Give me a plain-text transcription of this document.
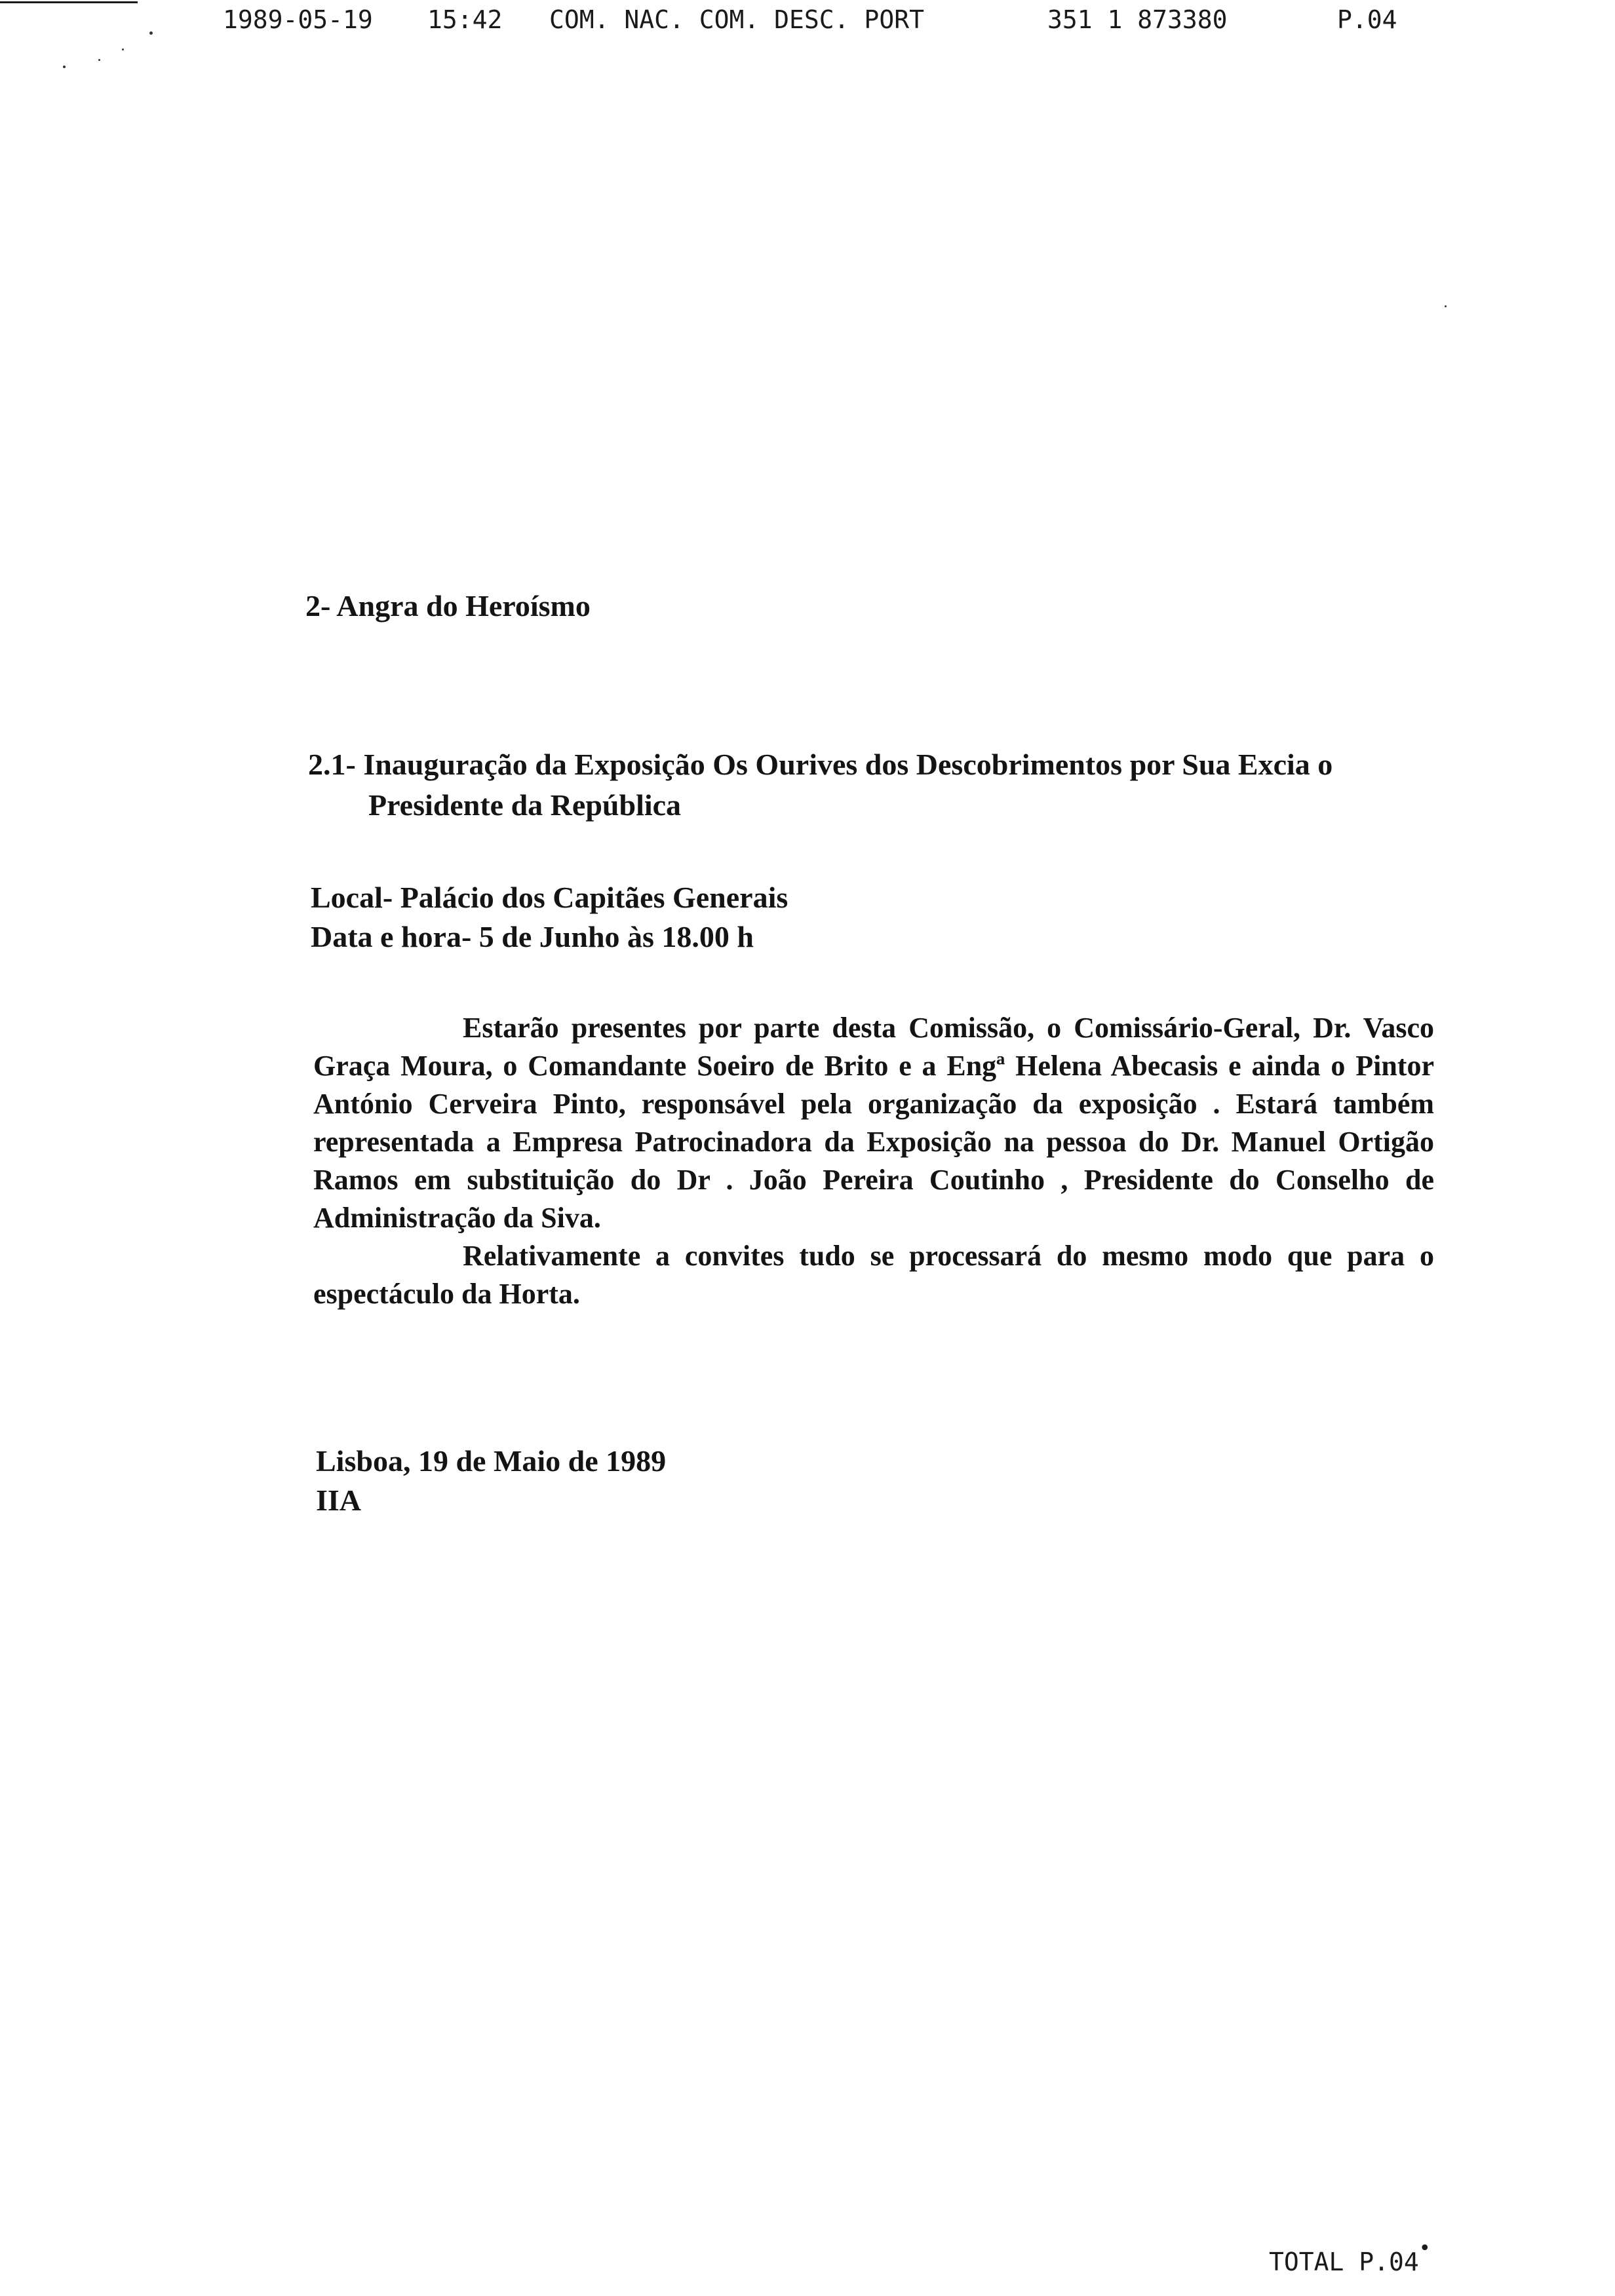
1989-05-19 15:42 COM. NAC. COM. DESC. PORT	351 1 873380	P.04
2- Angra do Heroísmo
2.1- Inauguração da Exposição Os Ourives dos Descobrimentos por Sua Excia o
Presidente da República
Local- Palácio dos Capitães Generais
Data e hora- 5 de Junho às 18.00 h

Estarão presentes por parte desta Comissão, o Comissário-Geral, Dr. Vasco Graça Moura, o Comandante Soeiro de Brito e a Engª Helena Abecasis e ainda o Pintor António Cerveira Pinto, responsável pela organização da exposição . Estará também representada a Empresa Patrocinadora da Exposição na pessoa do Dr. Manuel Ortigão Ramos em substituição do Dr . João Pereira Coutinho , Presidente do Conselho de Administração da Siva.

Relativamente a convites tudo se processará do mesmo modo que para o espectáculo da Horta.

Lisboa, 19 de Maio de 1989
IIA
TOTAL P.04 •
